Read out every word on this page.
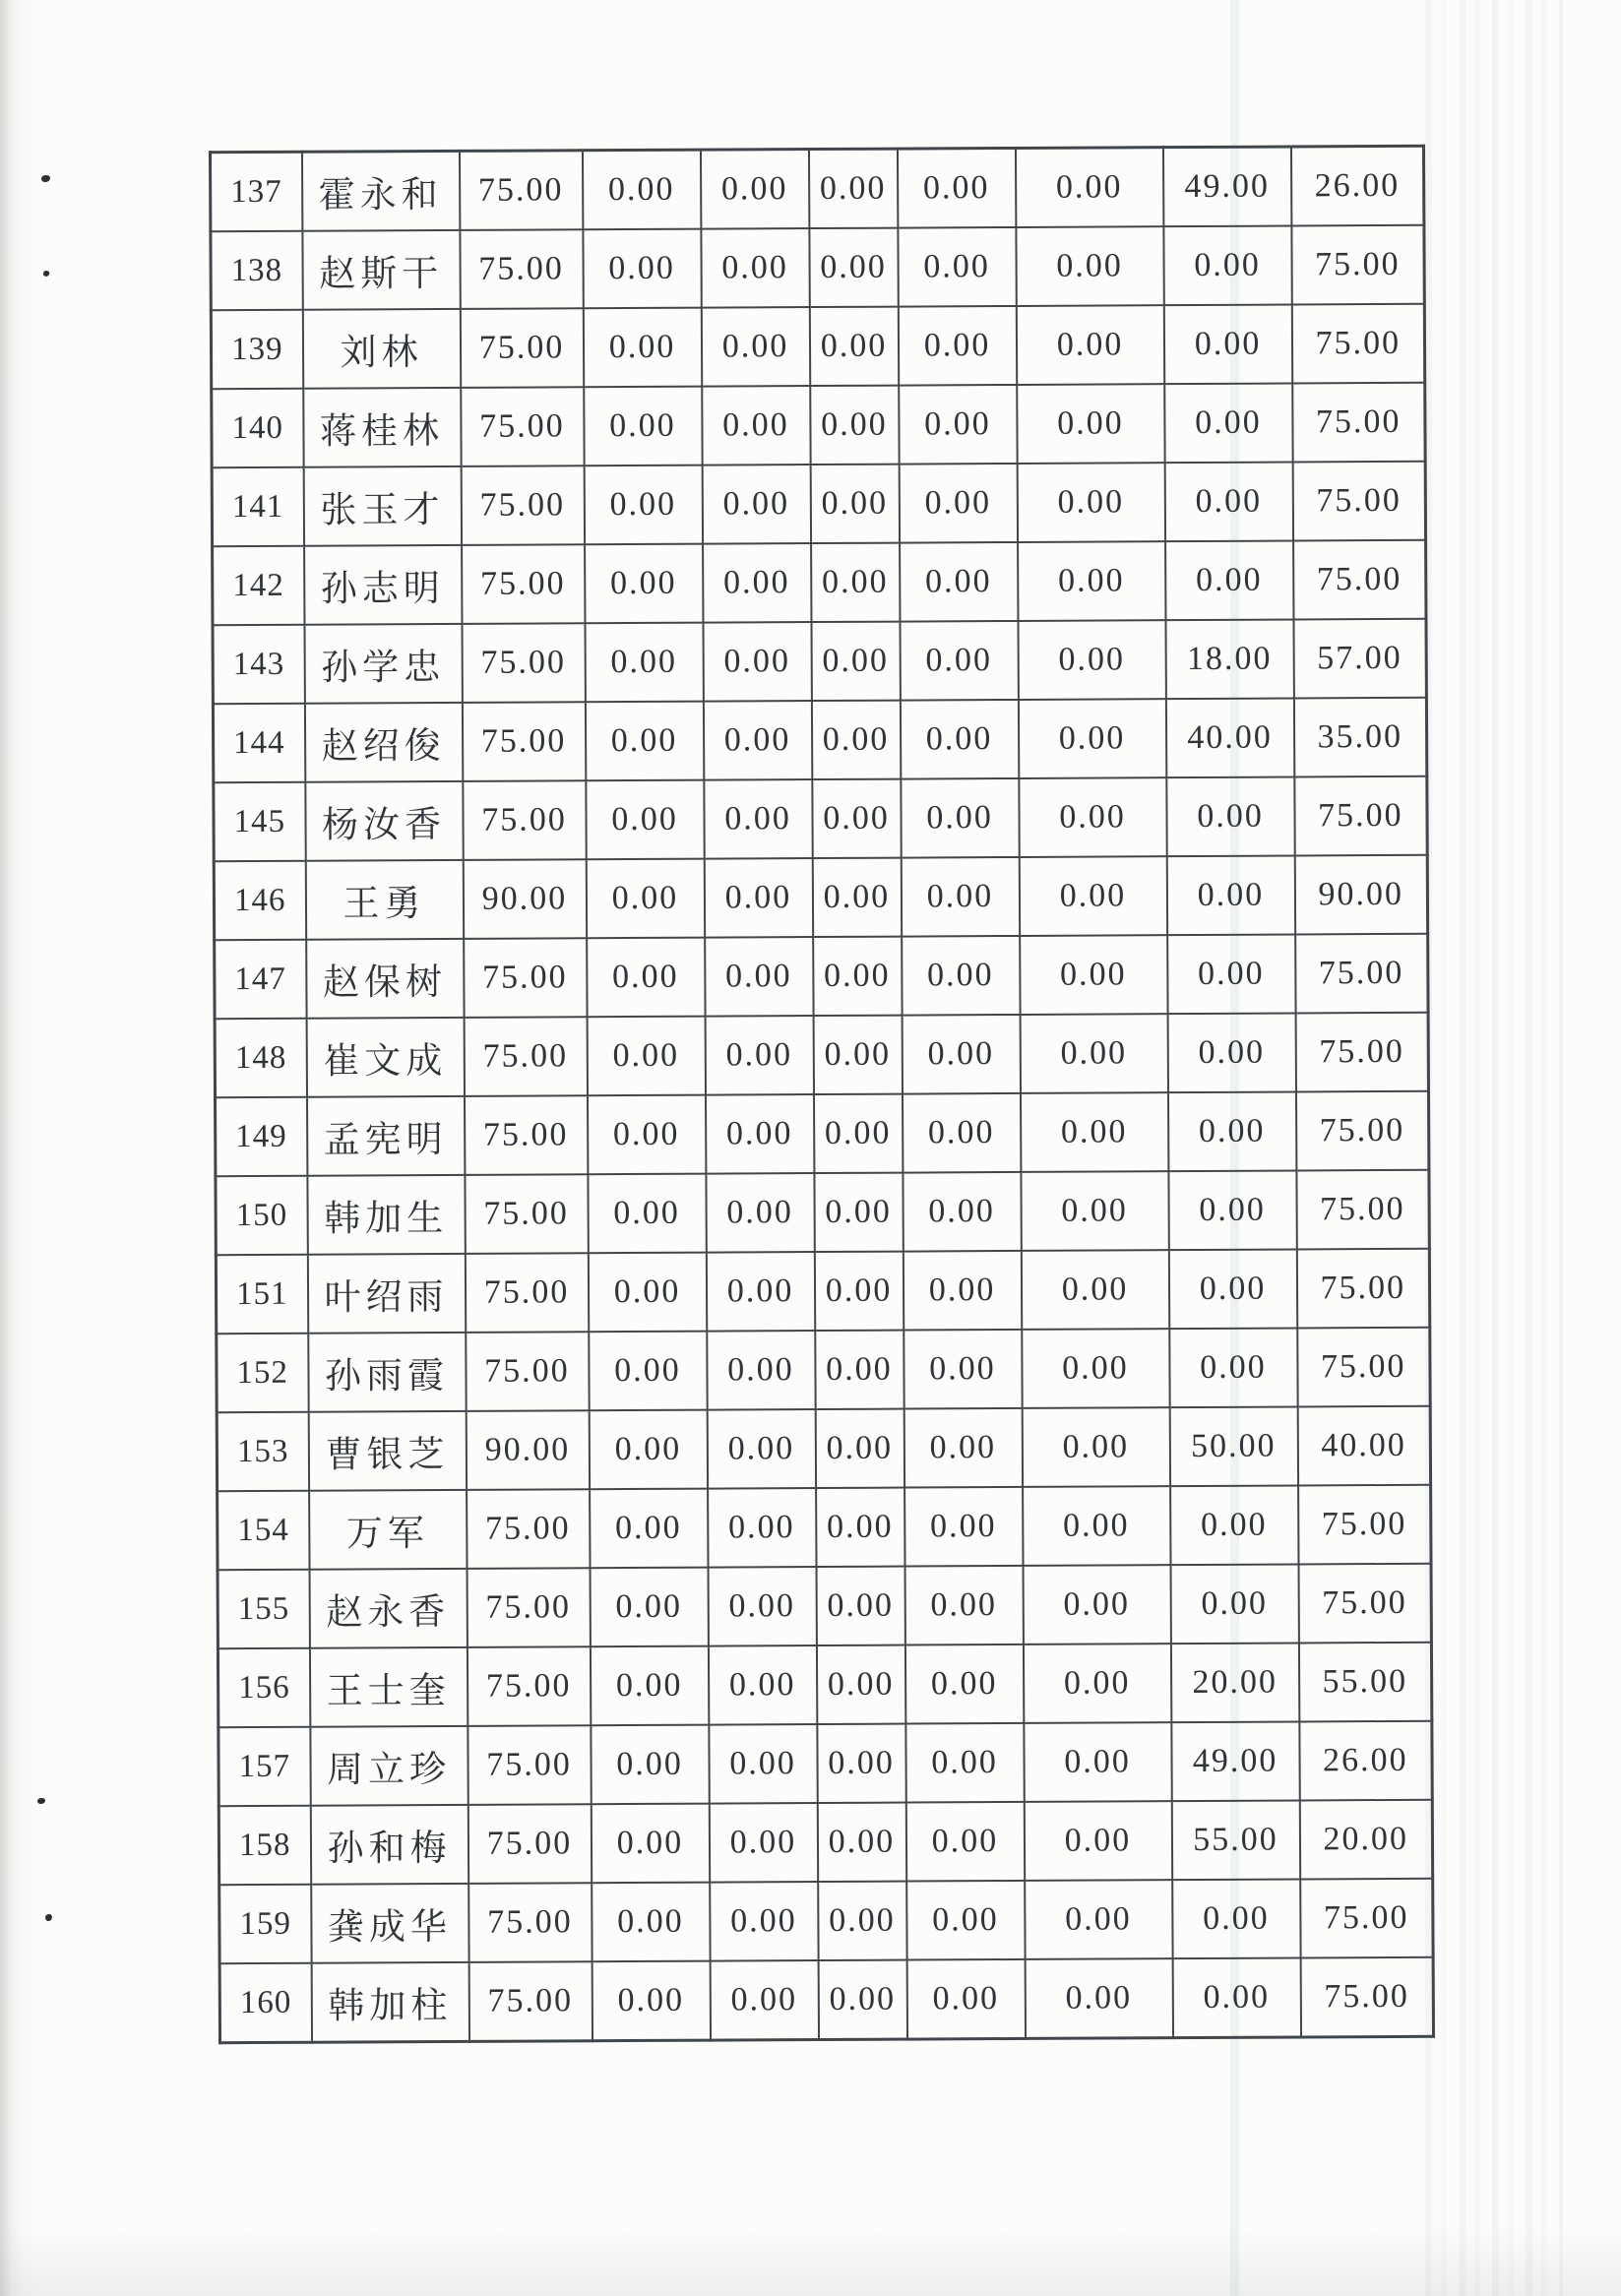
137	霍永和	75.00	0.00	0.00	0.00	0.00	0.00	49.00	26.00
138	赵斯干	75.00	0.00	0.00	0.00	0.00	0.00	0.00	75.00
139	刘林	75.00	0.00	0.00	0.00	0.00	0.00	0.00	75.00
140	蒋桂林	75.00	0.00	0.00	0.00	0.00	0.00	0.00	75.00
141	张玉才	75.00	0.00	0.00	0.00	0.00	0.00	0.00	75.00
142	孙志明	75.00	0.00	0.00	0.00	0.00	0.00	0.00	75.00
143	孙学忠	75.00	0.00	0.00	0.00	0.00	0.00	18.00	57.00
144	赵绍俊	75.00	0.00	0.00	0.00	0.00	0.00	40.00	35.00
145	杨汝香	75.00	0.00	0.00	0.00	0.00	0.00	0.00	75.00
146	王勇	90.00	0.00	0.00	0.00	0.00	0.00	0.00	90.00
147	赵保树	75.00	0.00	0.00	0.00	0.00	0.00	0.00	75.00
148	崔文成	75.00	0.00	0.00	0.00	0.00	0.00	0.00	75.00
149	孟宪明	75.00	0.00	0.00	0.00	0.00	0.00	0.00	75.00
150	韩加生	75.00	0.00	0.00	0.00	0.00	0.00	0.00	75.00
151	叶绍雨	75.00	0.00	0.00	0.00	0.00	0.00	0.00	75.00
152	孙雨霞	75.00	0.00	0.00	0.00	0.00	0.00	0.00	75.00
153	曹银芝	90.00	0.00	0.00	0.00	0.00	0.00	50.00	40.00
154	万军	75.00	0.00	0.00	0.00	0.00	0.00	0.00	75.00
155	赵永香	75.00	0.00	0.00	0.00	0.00	0.00	0.00	75.00
156	王士奎	75.00	0.00	0.00	0.00	0.00	0.00	20.00	55.00
157	周立珍	75.00	0.00	0.00	0.00	0.00	0.00	49.00	26.00
158	孙和梅	75.00	0.00	0.00	0.00	0.00	0.00	55.00	20.00
159	龚成华	75.00	0.00	0.00	0.00	0.00	0.00	0.00	75.00
160	韩加柱	75.00	0.00	0.00	0.00	0.00	0.00	0.00	75.00
